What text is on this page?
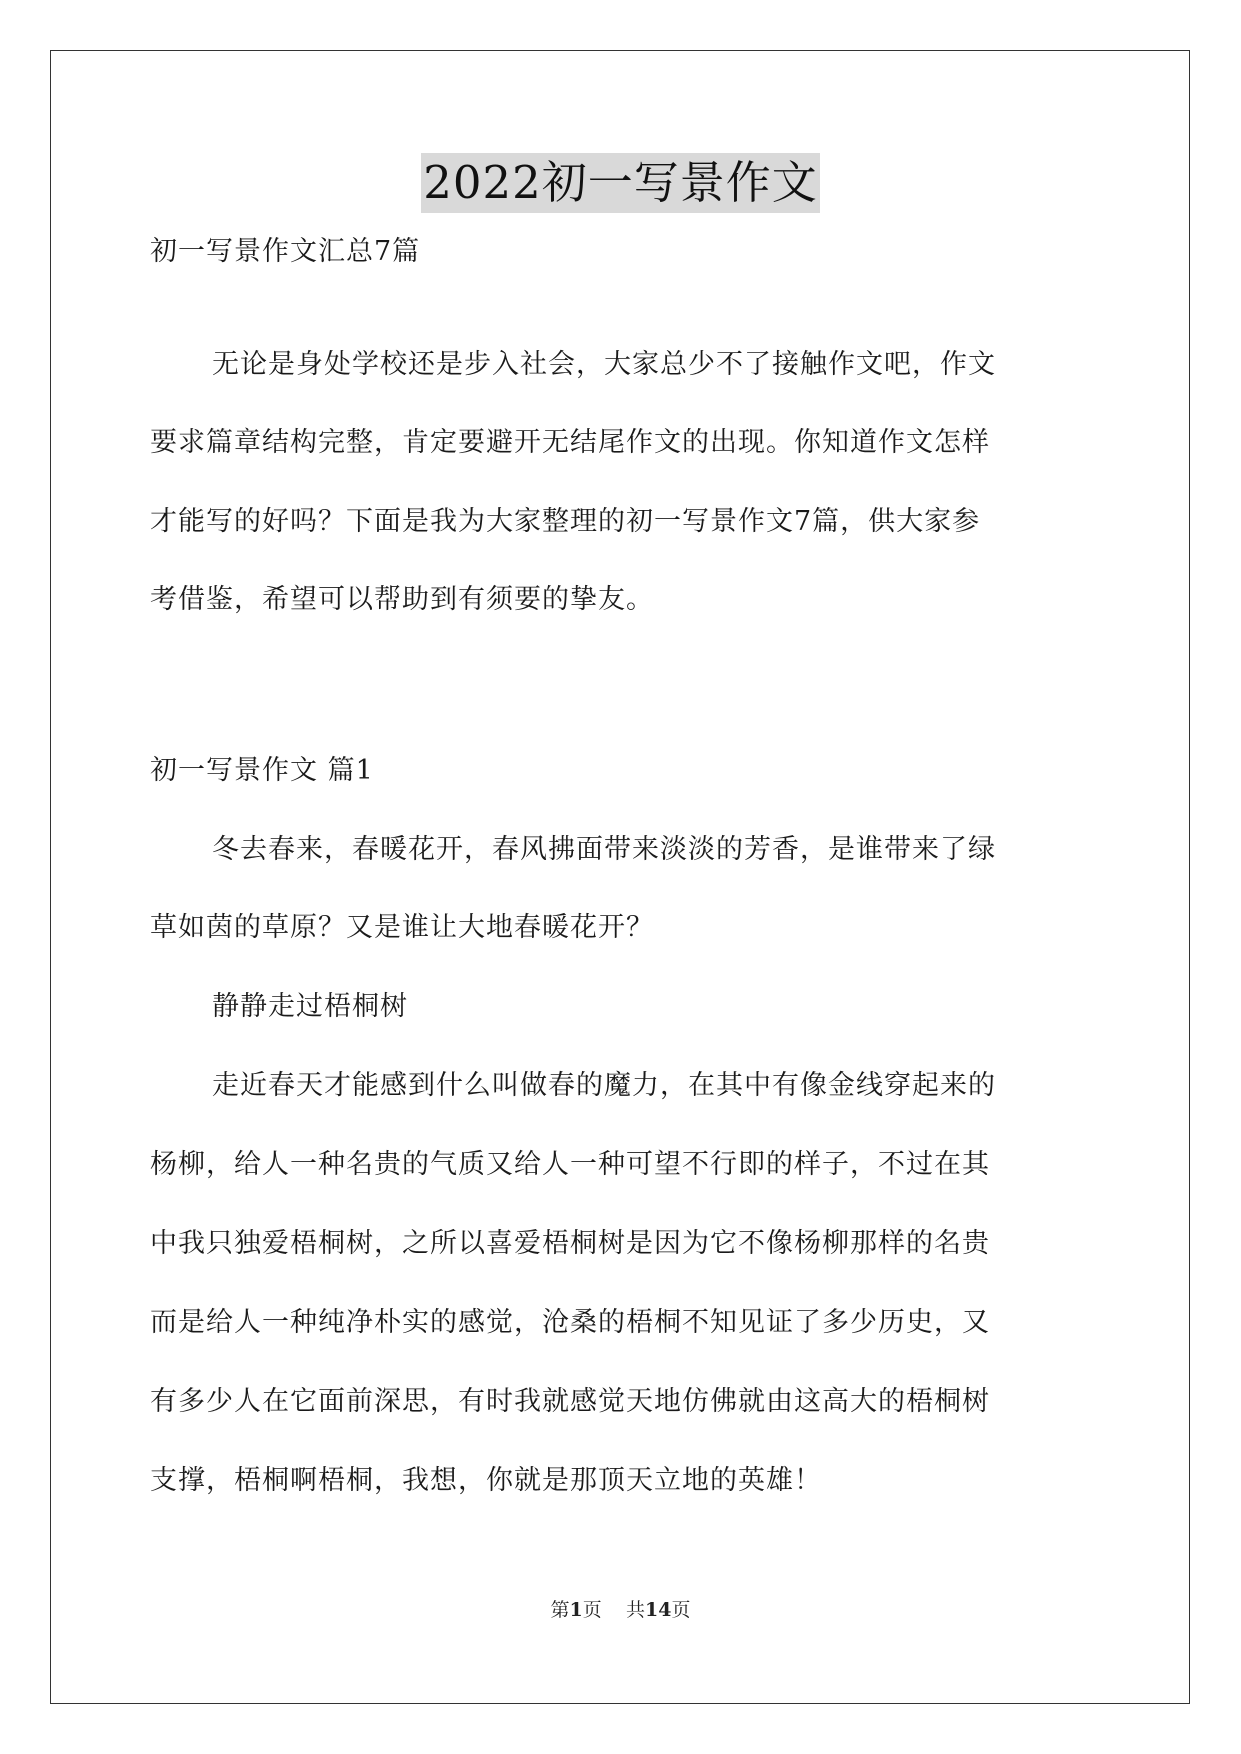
2022初一写景作文
初一写景作文汇总7篇
无论是身处学校还是步入社会，大家总少不了接触作文吧，作文
要求篇章结构完整，肯定要避开无结尾作文的出现。你知道作文怎样
才能写的好吗？下面是我为大家整理的初一写景作文7篇，供大家参
考借鉴，希望可以帮助到有须要的挚友。
初一写景作文 篇1
冬去春来，春暖花开，春风拂面带来淡淡的芳香，是谁带来了绿
草如茵的草原？又是谁让大地春暖花开？
静静走过梧桐树
走近春天才能感到什么叫做春的魔力，在其中有像金线穿起来的
杨柳，给人一种名贵的气质又给人一种可望不行即的样子，不过在其
中我只独爱梧桐树，之所以喜爱梧桐树是因为它不像杨柳那样的名贵
而是给人一种纯净朴实的感觉，沧桑的梧桐不知见证了多少历史，又
有多少人在它面前深思，有时我就感觉天地仿佛就由这高大的梧桐树
支撑，梧桐啊梧桐，我想，你就是那顶天立地的英雄！
第1页 共14页
